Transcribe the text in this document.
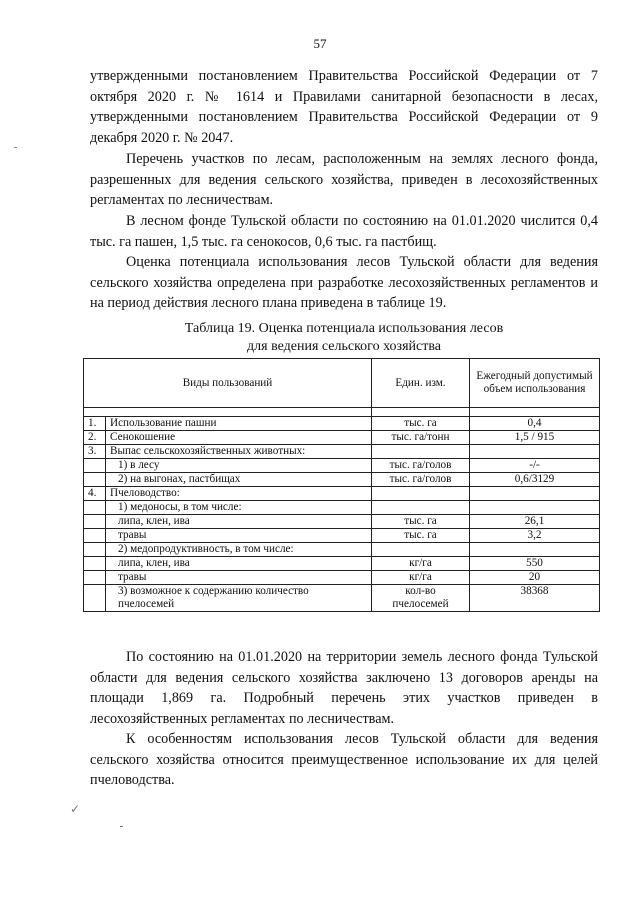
57

утвержденными постановлением Правительства Российской Федерации от 7 октября 2020 г. № 1614 и Правилами санитарной безопасности в лесах, утвержденными постановлением Правительства Российской Федерации от 9 декабря 2020 г. № 2047.

Перечень участков по лесам, расположенным на землях лесного фонда, разрешенных для ведения сельского хозяйства, приведен в лесохозяйственных регламентах по лесничествам.

В лесном фонде Тульской области по состоянию на 01.01.2020 числится 0,4 тыс. га пашен, 1,5 тыс. га сенокосов, 0,6 тыс. га пастбищ.

Оценка потенциала использования лесов Тульской области для ведения сельского хозяйства определена при разработке лесохозяйственных регламентов и на период действия лесного плана приведена в таблице 19.

Таблица 19. Оценка потенциала использования лесов
для ведения сельского хозяйства
Виды пользований		Един. изм.	Ежегодный допустимый объем использования

1.	Использование пашни	тыс. га	0,4
2.	Сенокошение	тыс. га/тонн	1,5 / 915
3.	Выпас сельскохозяйственных животных:		
	1) в лесу	тыс. га/голов	-/-
	2) на выгонах, пастбищах	тыс. га/голов	0,6/3129
4.	Пчеловодство:		
	1) медоносы, в том числе:		
	липа, клен, ива	тыс. га	26,1
	травы	тыс. га	3,2
	2) медопродуктивность, в том числе:		
	липа, клен, ива	кг/га	550
	травы	кг/га	20
	3) возможное к содержанию количество пчелосемей	кол-во пчелосемей	38368

По состоянию на 01.01.2020 на территории земель лесного фонда Тульской области для ведения сельского хозяйства заключено 13 договоров аренды на площади 1,869 га. Подробный перечень этих участков приведен в лесохозяйственных регламентах по лесничествам.

К особенностям использования лесов Тульской области для ведения сельского хозяйства относится преимущественное использование их для целей пчеловодства.

✓
